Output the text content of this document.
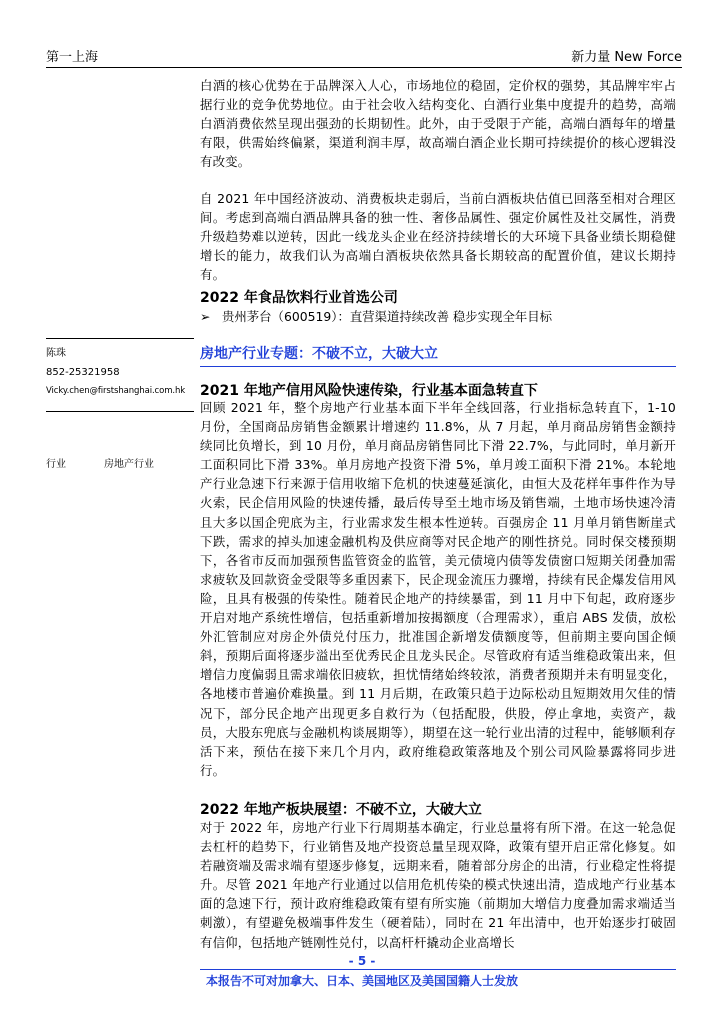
第一上海	新力量 New Force
白酒的核心优势在于品牌深入人心，市场地位的稳固，定价权的强势，其品牌牢牢占据行业的竞争优势地位。由于社会收入结构变化、白酒行业集中度提升的趋势，高端白酒消费依然呈现出强劲的长期韧性。此外，由于受限于产能，高端白酒每年的增量有限，供需始终偏紧，渠道利润丰厚，故高端白酒企业长期可持续提价的核心逻辑没有改变。
自 2021 年中国经济波动、消费板块走弱后，当前白酒板块估值已回落至相对合理区间。考虑到高端白酒品牌具备的独一性、奢侈品属性、强定价属性及社交属性，消费升级趋势难以逆转，因此一线龙头企业在经济持续增长的大环境下具备业绩长期稳健增长的能力，故我们认为高端白酒板块依然具备长期较高的配置价值，建议长期持有。
2022 年食品饮料行业首选公司
➢ 贵州茅台（600519）：直营渠道持续改善 稳步实现全年目标
陈珠
852-25321958
Vicky.chen@firstshanghai.com.hk
行业	房地产行业
房地产行业专题：不破不立，大破大立
2021 年地产信用风险快速传染，行业基本面急转直下
回顾 2021 年，整个房地产行业基本面下半年全线回落，行业指标急转直下，1-10 月份，全国商品房销售金额累计增速约 11.8%，从 7 月起，单月商品房销售金额持续同比负增长，到 10 月份，单月商品房销售同比下滑 22.7%，与此同时，单月新开工面积同比下滑 33%。单月房地产投资下滑 5%，单月竣工面积下滑 21%。本轮地产行业急速下行来源于信用收缩下危机的快速蔓延演化，由恒大及花样年事件作为导火索，民企信用风险的快速传播，最后传导至土地市场及销售端，土地市场快速冷清且大多以国企兜底为主，行业需求发生根本性逆转。百强房企 11 月单月销售断崖式下跌，需求的掉头加速金融机构及供应商等对民企地产的刚性挤兑。同时保交楼预期下，各省市反而加强预售监管资金的监管，美元债境内债等发债窗口短期关闭叠加需求疲软及回款资金受限等多重因素下，民企现金流压力骤增，持续有民企爆发信用风险，且具有极强的传染性。随着民企地产的持续暴雷，到 11 月中下旬起，政府逐步开启对地产系统性增信，包括重新增加按揭额度（合理需求），重启 ABS 发债，放松外汇管制应对房企外债兑付压力，批准国企新增发债额度等，但前期主要向国企倾斜，预期后面将逐步溢出至优秀民企且龙头民企。尽管政府有适当维稳政策出来，但增信力度偏弱且需求端依旧疲软，担忧情绪始终较浓，消费者预期并未有明显变化，各地楼市普遍价难换量。到 11 月后期，在政策只趋于边际松动且短期效用欠佳的情况下，部分民企地产出现更多自救行为（包括配股，供股，停止拿地，卖资产，裁员，大股东兜底与金融机构谈展期等），期望在这一轮行业出清的过程中，能够顺利存活下来，预估在接下来几个月内，政府维稳政策落地及个别公司风险暴露将同步进行。
2022 年地产板块展望：不破不立，大破大立
对于 2022 年，房地产行业下行周期基本确定，行业总量将有所下滑。在这一轮急促去杠杆的趋势下，行业销售及地产投资总量呈现双降，政策有望开启正常化修复。如若融资端及需求端有望逐步修复，远期来看，随着部分房企的出清，行业稳定性将提升。尽管 2021 年地产行业通过以信用危机传染的模式快速出清，造成地产行业基本面的急速下行，预计政府维稳政策有望有所实施（前期加大增信力度叠加需求端适当刺激），有望避免极端事件发生（硬着陆），同时在 21 年出清中，也开始逐步打破固有信仰，包括地产链刚性兑付，以高杆杆撬动企业高增长
- 5 -
本报告不可对加拿大、日本、美国地区及美国国籍人士发放
